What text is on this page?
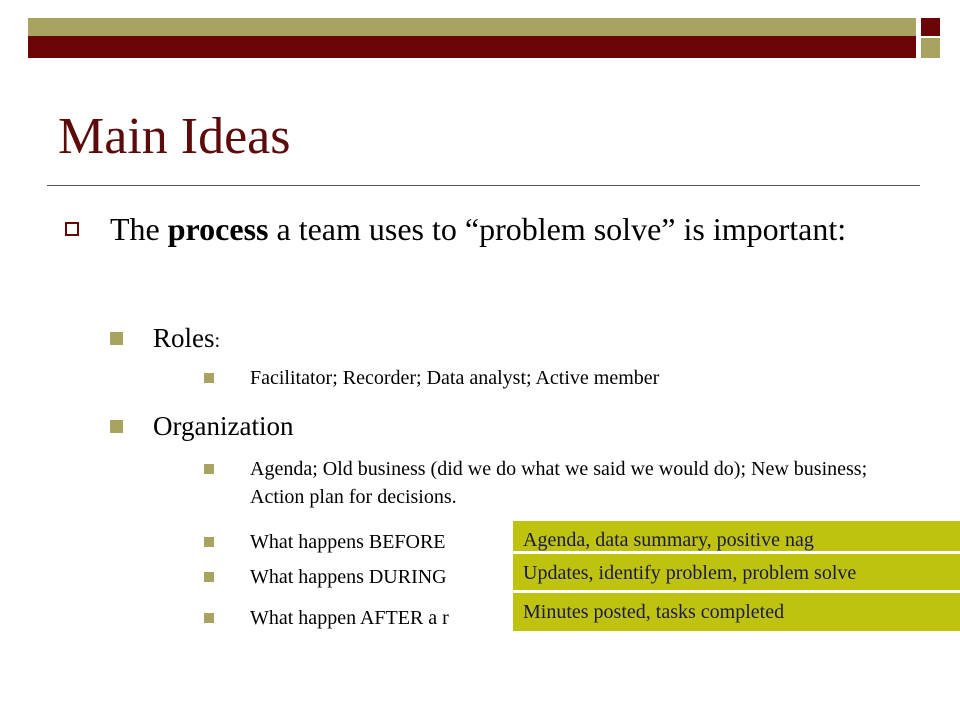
Main Ideas
The process a team uses to “problem solve” is important:
Roles:
Facilitator; Recorder; Data analyst; Active member
Organization
Agenda; Old business (did we do what we said we would do); New business; Action plan for decisions.
What happens BEFORE
What happens DURING
What happen AFTER a r
Agenda, data summary, positive nag
Updates, identify problem, problem solve
Minutes posted, tasks completed
